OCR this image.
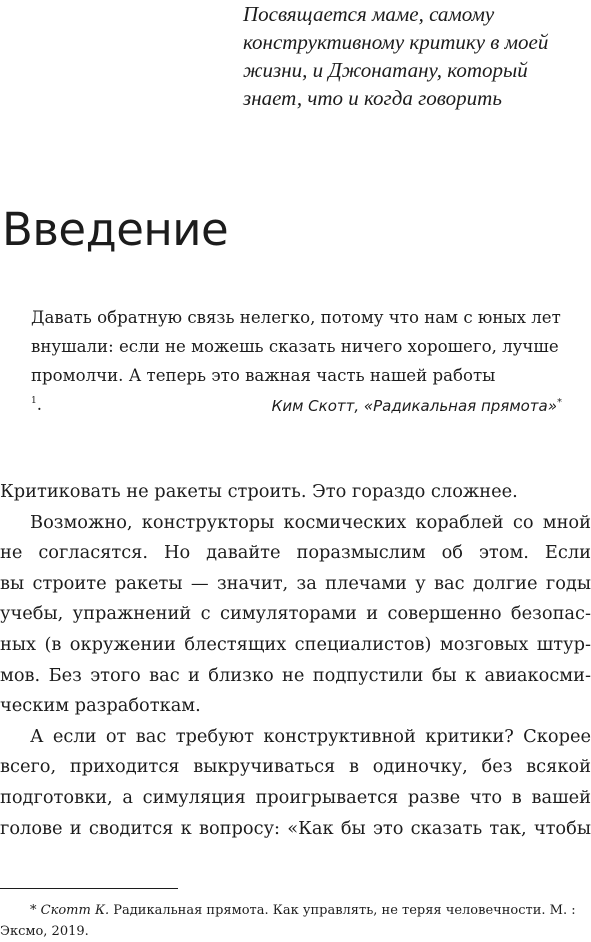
Посвящается маме, самому
конструктивному критику в моей
жизни, и Джонатану, который
знает, что и когда говорить
Введение
Давать обратную связь нелегко, потому что нам с юных лет
внушали: если не можешь сказать ничего хорошего, лучше
промолчи. А теперь это важная часть нашей работы
$^1$.	Ким Скотт, «Радикальная прямота»*
Критиковать не ракеты строить. Это гораздо сложнее.
Возможно, конструкторы космических кораблей со мной
не согласятся. Но давайте поразмыслим об этом. Если
вы строите ракеты — значит, за плечами у вас долгие годы
учебы, упражнений с симуляторами и совершенно безопас-
ных (в окружении блестящих специалистов) мозговых штур-
мов. Без этого вас и близко не подпустили бы к авиакосми-
ческим разработкам.
А если от вас требуют конструктивной критики? Скорее
всего, приходится выкручиваться в одиночку, без всякой
подготовки, а симуляция проигрывается разве что в вашей
голове и сводится к вопросу: «Как бы это сказать так, чтобы
* Скотт К. Радикальная прямота. Как управлять, не теряя человечности. М. :
Эксмо, 2019.
